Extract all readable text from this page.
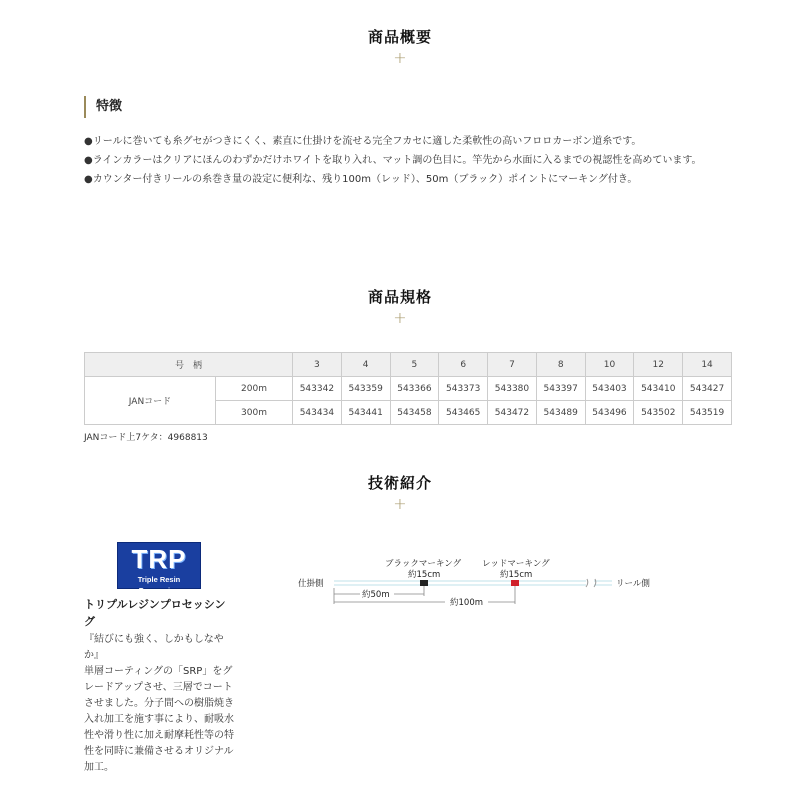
商品概要
+
特徴
●リールに巻いても糸グセがつきにくく、素直に仕掛けを流せる完全フカセに適した柔軟性の高いフロロカーボン道糸です。
●ラインカラーはクリアにほんのわずかだけホワイトを取り入れ、マット調の色目に。竿先から水面に入るまでの視認性を高めています。
●カウンター付きリールの糸巻き量の設定に便利な、残り100m（レッド）、50m（ブラック）ポイントにマーキング付き。
商品規格
+
号　柄		3	4	5	6	7	8	10	12	14
JANコード	200m	543342	543359	543366	543373	543380	543397	543403	543410	543427
	300m	543434	543441	543458	543465	543472	543489	543496	543502	543519
JANコード上7ケタ：4968813
技術紹介
+
TRP
Triple Resin Processing
トリプルレジンプロセッシング
『結びにも強く、しかもしなやか』
単層コーティングの「SRP」をグレードアップさせ、三層でコートさせました。分子間への樹脂焼き入れ加工を施す事により、耐吸水性や滑り性に加え耐摩耗性等の特性を同時に兼備させるオリジナル加工。
ブラックマーキング
約15cm
レッドマーキング
約15cm
仕掛側	リール側
約50m
約100m
